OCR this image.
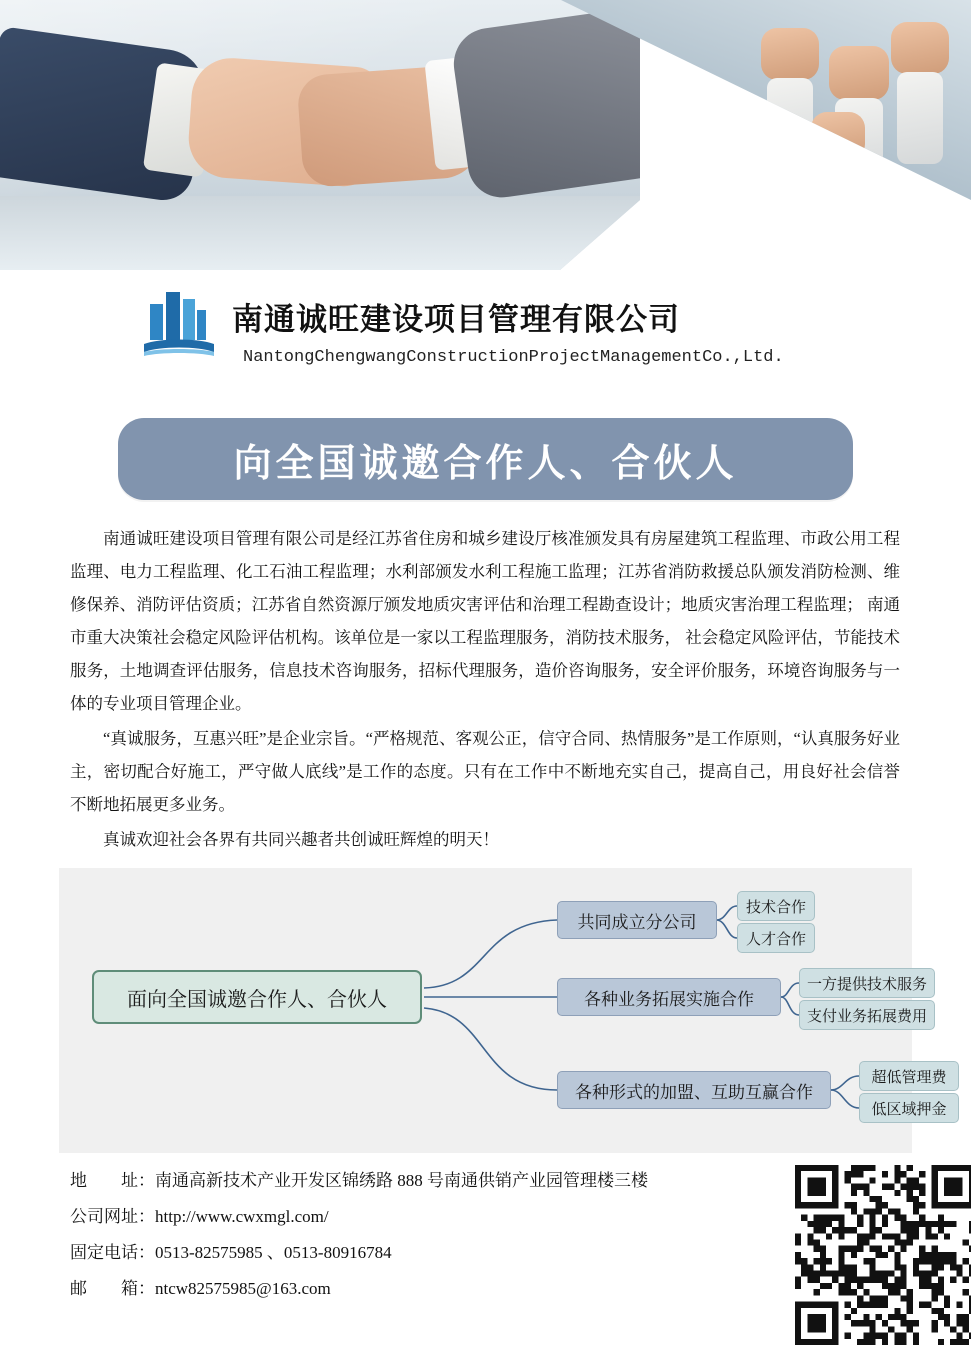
南通诚旺建设项目管理有限公司
NantongChengwangConstructionProjectManagementCo.,Ltd.
向全国诚邀合作人、合伙人

南通诚旺建设项目管理有限公司是经江苏省住房和城乡建设厅核准颁发具有房屋建筑工程监理、市政公用工程监理、电力工程监理、化工石油工程监理；水利部颁发水利工程施工监理；江苏省消防救援总队颁发消防检测、维修保养、消防评估资质；江苏省自然资源厅颁发地质灾害评估和治理工程勘查设计；地质灾害治理工程监理； 南通市重大决策社会稳定风险评估机构。该单位是一家以工程监理服务，消防技术服务， 社会稳定风险评估，节能技术服务，土地调查评估服务，信息技术咨询服务，招标代理服务，造价咨询服务，安全评价服务，环境咨询服务与一体的专业项目管理企业。

“真诚服务，互惠兴旺”是企业宗旨。“严格规范、客观公正，信守合同、热情服务”是工作原则，“认真服务好业主，密切配合好施工，严守做人底线”是工作的态度。只有在工作中不断地充实自己，提高自己，用良好社会信誉不断地拓展更多业务。

真诚欢迎社会各界有共同兴趣者共创诚旺辉煌的明天！

面向全国诚邀合作人、合伙人
共同成立分公司
技术合作
人才合作
各种业务拓展实施合作
一方提供技术服务
支付业务拓展费用
各种形式的加盟、互助互赢合作
超低管理费
低区域押金
地　　址：南通高新技术产业开发区锦绣路 888 号南通供销产业园管理楼三楼
公司网址：http://www.cwxmgl.com/
固定电话：0513-82575985 、0513-80916784
邮　　箱：ntcw82575985@163.com
